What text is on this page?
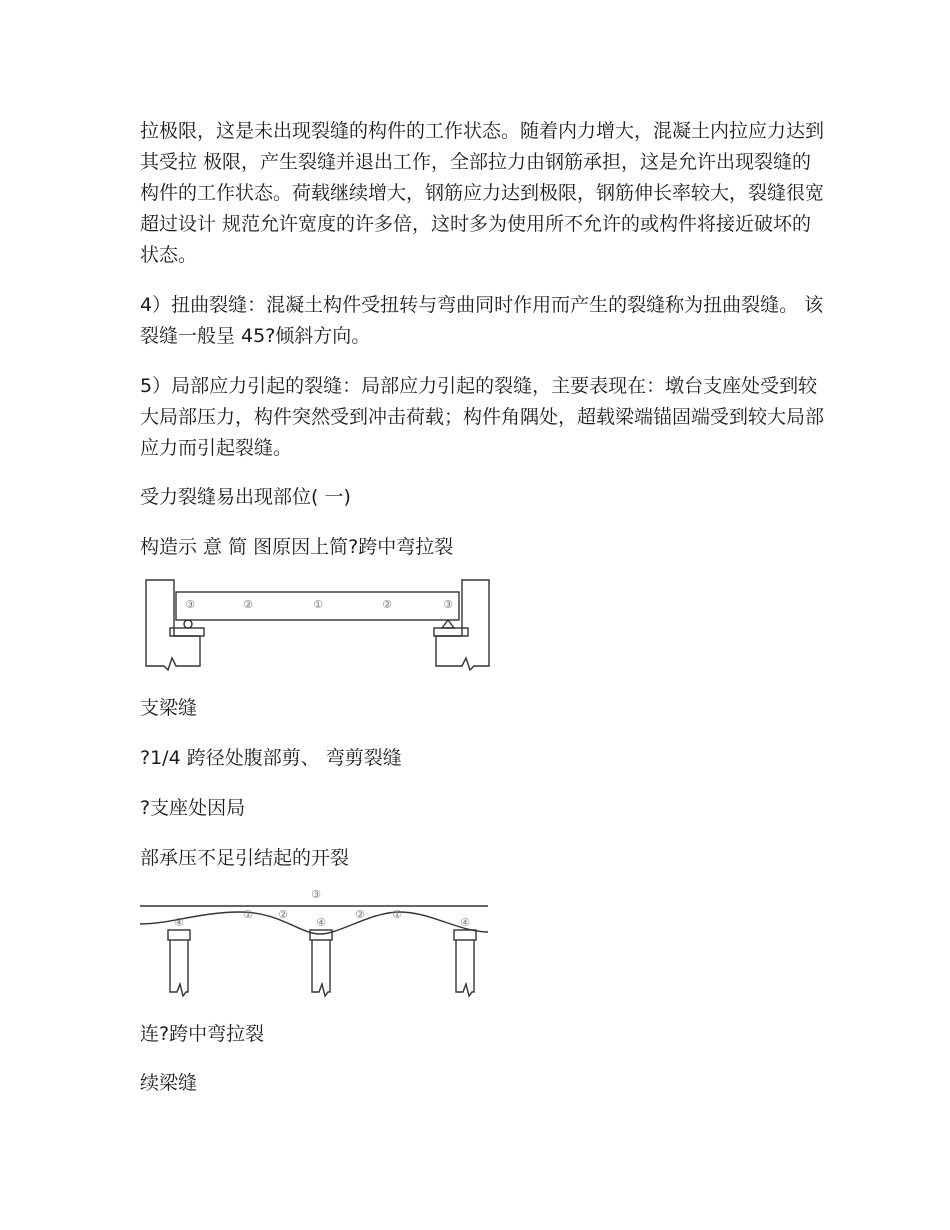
拉极限，这是未出现裂缝的构件的工作状态。随着内力增大，混凝土内拉应力达到其受拉 极限，产生裂缝并退出工作，全部拉力由钢筋承担，这是允许出现裂缝的构件的工作状态。荷载继续增大，钢筋应力达到极限，钢筋伸长率较大，裂缝很宽超过设计 规范允许宽度的许多倍，这时多为使用所不允许的或构件将接近破坏的状态。

4）扭曲裂缝：混凝土构件受扭转与弯曲同时作用而产生的裂缝称为扭曲裂缝。 该裂缝一般呈 45?倾斜方向。

5）局部应力引起的裂缝：局部应力引起的裂缝，主要表现在：墩台支座处受到较大局部压力，构件突然受到冲击荷载；构件角隅处，超载梁端锚固端受到较大局部应力而引起裂缝。

受力裂缝易出现部位( 一)
构造示 意 简 图原因上简?跨中弯拉裂
③	②	①	②	③
支梁缝
?1/4 跨径处腹部剪、 弯剪裂缝
?支座处因局
部承压不足引结起的开裂
④
① ②
④
② ①
④
③
连?跨中弯拉裂
续梁缝
